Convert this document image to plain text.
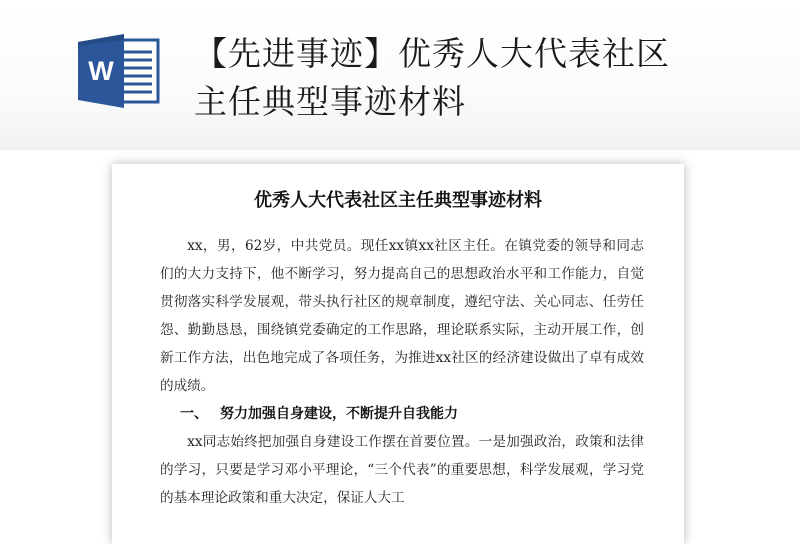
W 【先进事迹】优秀人大代表社区
主任典型事迹材料
优秀人大代表社区主任典型事迹材料

xx，男，62岁，中共党员。现任xx镇xx社区主任。在镇党委的领导和同志们的大力支持下，他不断学习，努力提高自己的思想政治水平和工作能力，自觉贯彻落实科学发展观，带头执行社区的规章制度，遵纪守法、关心同志、任劳任怨、勤勤恳恳，围绕镇党委确定的工作思路，理论联系实际，主动开展工作，创新工作方法，出色地完成了各项任务，为推进xx社区的经济建设做出了卓有成效的成绩。

一、 努力加强自身建设，不断提升自我能力

xx同志始终把加强自身建设工作摆在首要位置。一是加强政治，政策和法律的学习，只要是学习邓小平理论，“三个代表”的重要思想，科学发展观，学习党的基本理论政策和重大决定，保证人大工
